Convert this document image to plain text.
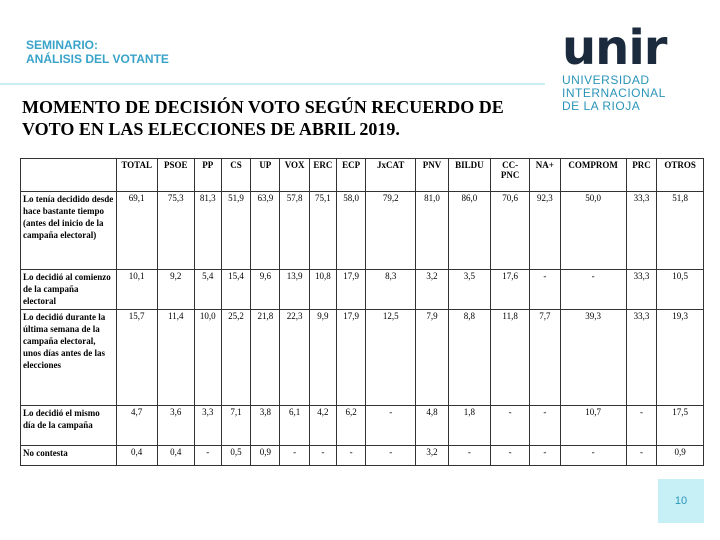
SEMINARIO:
ANÁLISIS DEL VOTANTE	unir
UNIVERSIDAD
INTERNACIONAL
DE LA RIOJA
MOMENTO DE DECISIÓN VOTO SEGÚN RECUERDO DE VOTO EN LAS ELECCIONES DE ABRIL 2019.
	TOTAL	PSOE	PP	CS	UP	VOX	ERC	ECP	JxCAT	PNV	BILDU	CC-PNC	NA+	COMPROM	PRC	OTROS
Lo tenía decidido desde hace bastante tiempo (antes del inicio de la campaña electoral)	69,1	75,3	81,3	51,9	63,9	57,8	75,1	58,0	79,2	81,0	86,0	70,6	92,3	50,0	33,3	51,8
Lo decidió al comienzo de la campaña electoral	10,1	9,2	5,4	15,4	9,6	13,9	10,8	17,9	8,3	3,2	3,5	17,6	-	-	33,3	10,5
Lo decidió durante la última semana de la campaña electoral, unos días antes de las elecciones	15,7	11,4	10,0	25,2	21,8	22,3	9,9	17,9	12,5	7,9	8,8	11,8	7,7	39,3	33,3	19,3
Lo decidió el mismo día de la campaña	4,7	3,6	3,3	7,1	3,8	6,1	4,2	6,2	-	4,8	1,8	-	-	10,7	-	17,5
No contesta	0,4	0,4	-	0,5	0,9	-	-	-	-	3,2	-	-	-	-	-	0,9
10
